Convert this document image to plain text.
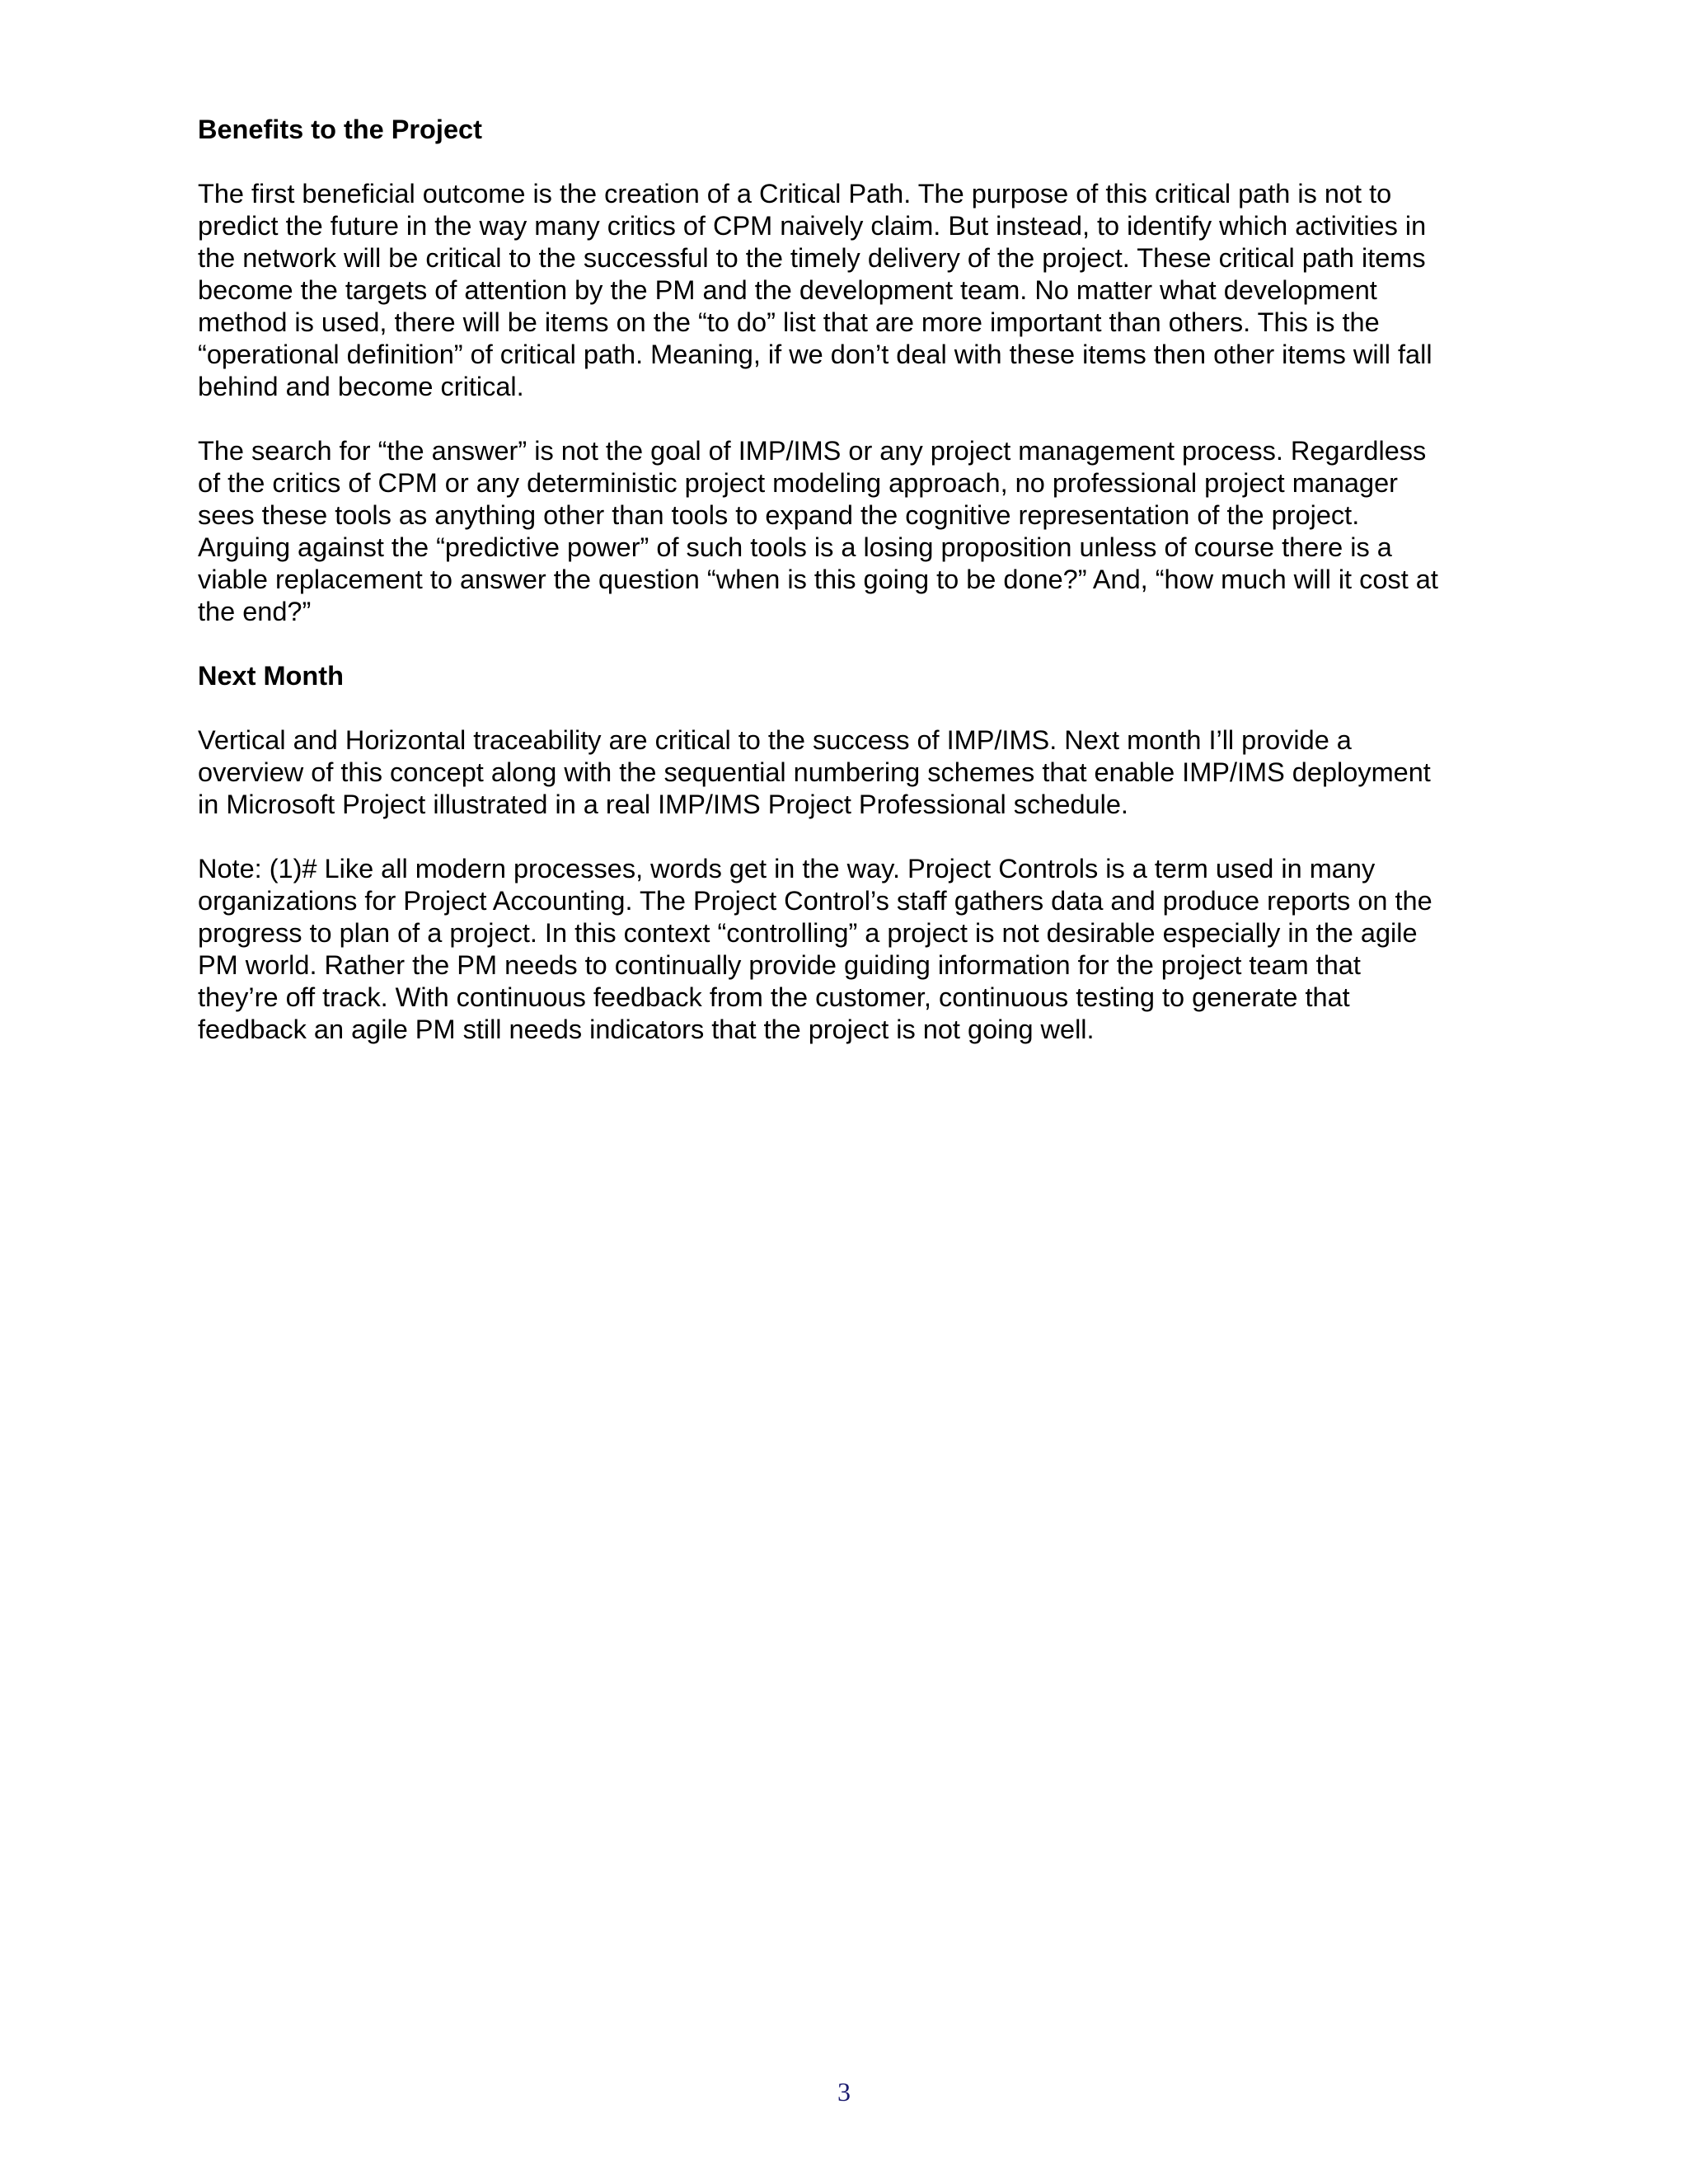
Benefits to the Project
The first beneficial outcome is the creation of a Critical Path. The purpose of this critical path is not to
predict the future in the way many critics of CPM naively claim. But instead, to identify which activities in
the network will be critical to the successful to the timely delivery of the project. These critical path items
become the targets of attention by the PM and the development team. No matter what development
method is used, there will be items on the “to do” list that are more important than others. This is the
“operational definition” of critical path. Meaning, if we don’t deal with these items then other items will fall
behind and become critical.
The search for “the answer” is not the goal of IMP/IMS or any project management process. Regardless
of the critics of CPM or any deterministic project modeling approach, no professional project manager
sees these tools as anything other than tools to expand the cognitive representation of the project.
Arguing against the “predictive power” of such tools is a losing proposition unless of course there is a
viable replacement to answer the question “when is this going to be done?” And, “how much will it cost at
the end?”
Next Month
Vertical and Horizontal traceability are critical to the success of IMP/IMS. Next month I’ll provide a
overview of this concept along with the sequential numbering schemes that enable IMP/IMS deployment
in Microsoft Project illustrated in a real IMP/IMS Project Professional schedule.
Note: (1)# Like all modern processes, words get in the way. Project Controls is a term used in many
organizations for Project Accounting. The Project Control’s staff gathers data and produce reports on the
progress to plan of a project. In this context “controlling” a project is not desirable especially in the agile
PM world. Rather the PM needs to continually provide guiding information for the project team that
they’re off track. With continuous feedback from the customer, continuous testing to generate that
feedback an agile PM still needs indicators that the project is not going well.
3
